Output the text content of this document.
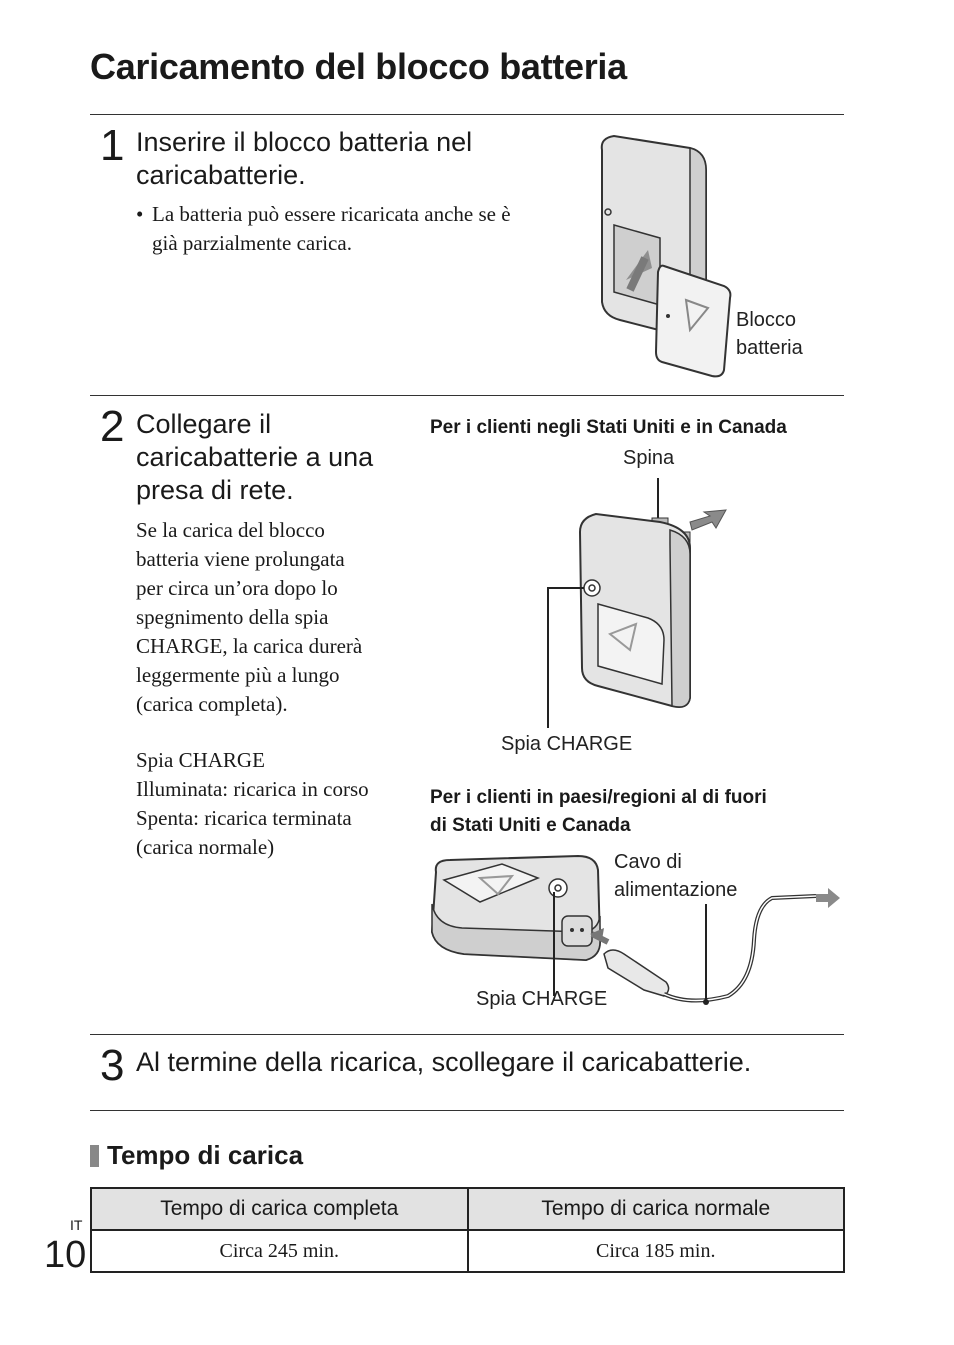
Caricamento del blocco batteria
1 Inserire il blocco batteria nel
caricabatterie.
• La batteria può essere ricaricata anche se è
già parzialmente carica.
Blocco
batteria
2 Collegare il
caricabatterie a una
presa di rete.
Se la carica del blocco
batteria viene prolungata
per circa un’ora dopo lo
spegnimento della spia
CHARGE, la carica durerà
leggermente più a lungo
(carica completa).
Spia CHARGE
Illuminata: ricarica in corso
Spenta: ricarica terminata
(carica normale)
Per i clienti negli Stati Uniti e in Canada
Spina
Spia CHARGE
Per i clienti in paesi/regioni al di fuori
di Stati Uniti e Canada
Cavo di
alimentazione
Spia CHARGE
3 Al termine della ricarica, scollegare il caricabatterie.
Tempo di carica
Tempo di carica completa	Tempo di carica normale
Circa 245 min.	Circa 185 min.
IT
10
